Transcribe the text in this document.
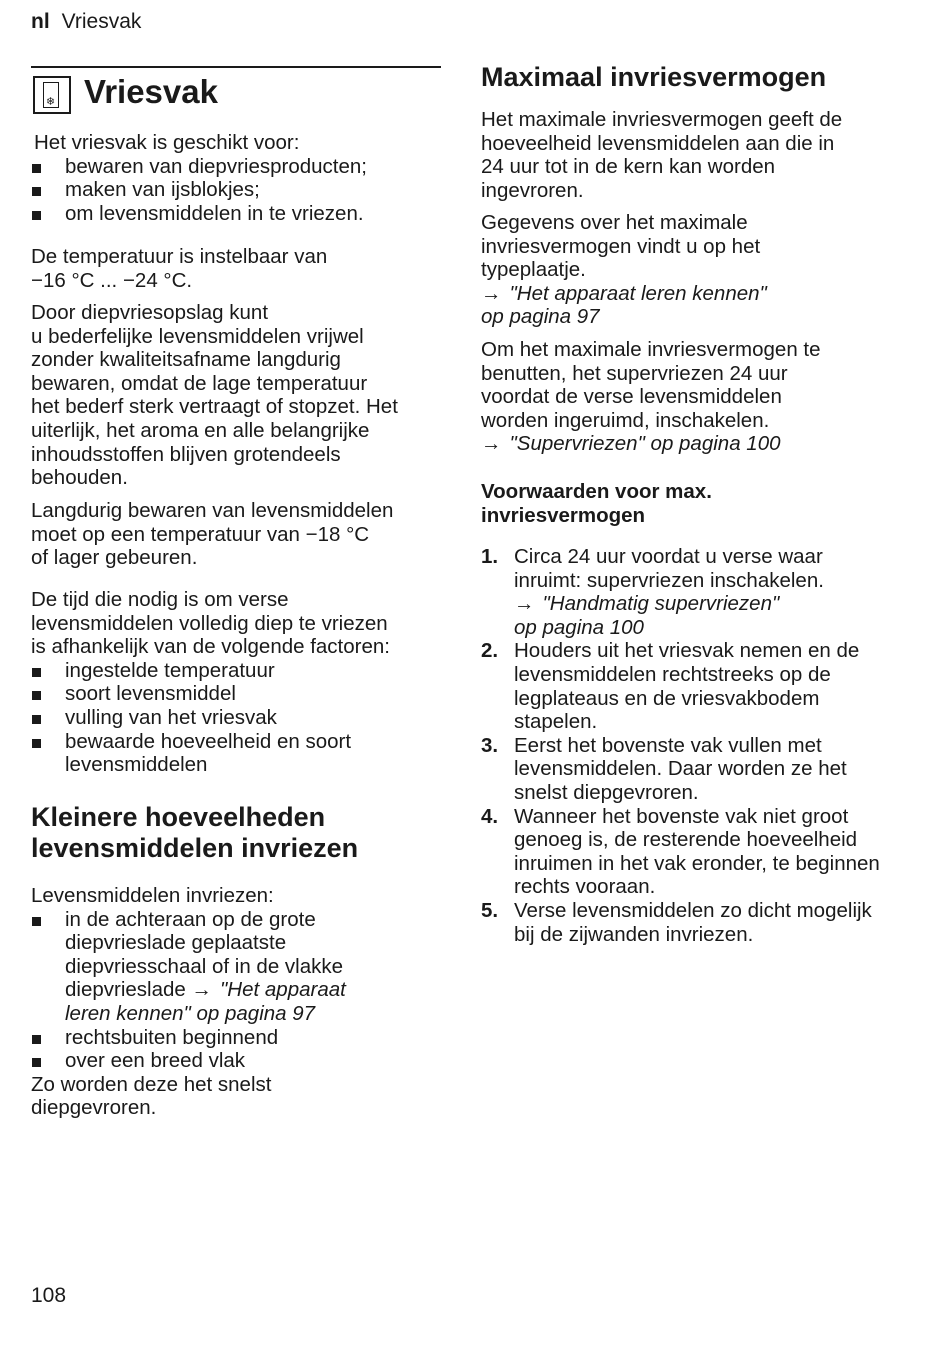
nl Vriesvak
❄ Vriesvak

Het vriesvak is geschikt voor:

bewaren van diepvriesproducten;
maken van ijsblokjes;
om levensmiddelen in te vriezen.

De temperatuur is instelbaar van

−16 °C ... −24 °C.

Door diepvriesopslag kunt

u bederfelijke levensmiddelen vrijwel

zonder kwaliteitsafname langdurig

bewaren, omdat de lage temperatuur

het bederf sterk vertraagt of stopzet. Het

uiterlijk, het aroma en alle belangrijke

inhoudsstoffen blijven grotendeels

behouden.

Langdurig bewaren van levensmiddelen

moet op een temperatuur van −18 °C

of lager gebeuren.

De tijd die nodig is om verse

levensmiddelen volledig diep te vriezen

is afhankelijk van de volgende factoren:

ingestelde temperatuur
soort levensmiddel
vulling van het vriesvak
bewaarde hoeveelheid en soort levensmiddelen
Kleinere hoeveelheden
levensmiddelen invriezen

Levensmiddelen invriezen:

in de achteraan op de grote diepvrieslade geplaatste diepvriesschaal of in de vlakke diepvrieslade → "Het apparaat leren kennen" op pagina 97
rechtsbuiten beginnend
over een breed vlak

Zo worden deze het snelst

diepgevroren.

Maximaal invriesvermogen

Het maximale invriesvermogen geeft de

hoeveelheid levensmiddelen aan die in

24 uur tot in de kern kan worden

ingevroren.

Gegevens over het maximale

invriesvermogen vindt u op het

typeplaatje.

→ "Het apparaat leren kennen"

op pagina 97

Om het maximale invriesvermogen te

benutten, het supervriezen 24 uur

voordat de verse levensmiddelen

worden ingeruimd, inschakelen.

→ "Supervriezen" op pagina 100

Voorwaarden voor max.
invriesvermogen
1. Circa 24 uur voordat u verse waar inruimt: supervriezen inschakelen.
→ "Handmatig supervriezen"
op pagina 100
2. Houders uit het vriesvak nemen en de levensmiddelen rechtstreeks op de legplateaus en de vriesvakbodem stapelen.
3. Eerst het bovenste vak vullen met levensmiddelen. Daar worden ze het snelst diepgevroren.
4. Wanneer het bovenste vak niet groot genoeg is, de resterende hoeveelheid inruimen in het vak eronder, te beginnen rechts vooraan.
5. Verse levensmiddelen zo dicht mogelijk bij de zijwanden invriezen.
108
